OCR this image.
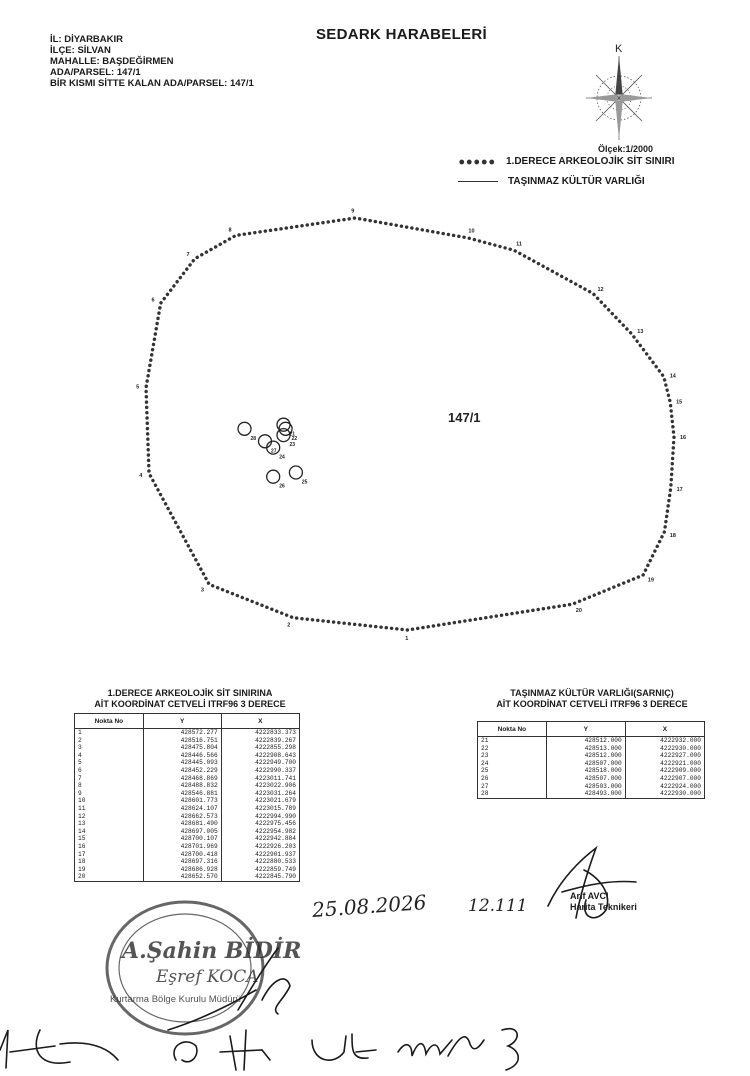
İL: DİYARBAKIR
İLÇE: SİLVAN
MAHALLE: BAŞDEĞİRMEN
ADA/PARSEL: 147/1
BİR KISMI SİTTE KALAN ADA/PARSEL: 147/1
SEDARK HARABELERİ
K
Ölçek:1/2000
1.DERECE ARKEOLOJİK SİT SINIRI
TAŞINMAZ KÜLTÜR VARLIĞI
1
2
3
4
5
6
7
8
9
10
11
12
13
14
15
16
17
18
19
20
21
22
23
24
25
26
27
28
147/1
1.DERECE ARKEOLOJİK SİT SINIRINA
AİT KOORDİNAT CETVELİ ITRF96 3 DERECE
Nokta No	Y	X
1	428572.277	4222833.373
2	428516.751	4222839.267
3	428475.804	4222855.298
4	428446.566	4222908.643
5	428445.093	4222949.700
6	428452.229	4222990.337
7	428468.869	4223011.741
8	428488.832	4223022.906
9	428546.881	4223031.264
10	428601.773	4223021.679
11	428624.107	4223015.789
12	428662.573	4222994.990
13	428681.490	4222975.456
14	428697.005	4222954.982
15	428700.107	4222942.884
16	428701.969	4222926.203
17	428700.418	4222901.937
18	428697.316	4222880.533
19	428686.928	4222859.749
20	428652.570	4222845.790
TAŞINMAZ KÜLTÜR VARLIĞI(SARNIÇ)
AİT KOORDİNAT CETVELİ ITRF96 3 DERECE
Nokta No	Y	X
21	428512.000	4222932.000
22	428513.000	4222930.000
23	428512.000	4222927.000
24	428507.000	4222921.000
25	428518.000	4222909.000
26	428507.000	4222907.000
27	428503.000	4222924.000
28	428493.000	4222930.000
25.08.2026 12.111	Arif AVCI
Harita Teknikeri
A.Şahin BİDİR
Eşref KOCA
Kurtarma Bölge Kurulu Müdürü
